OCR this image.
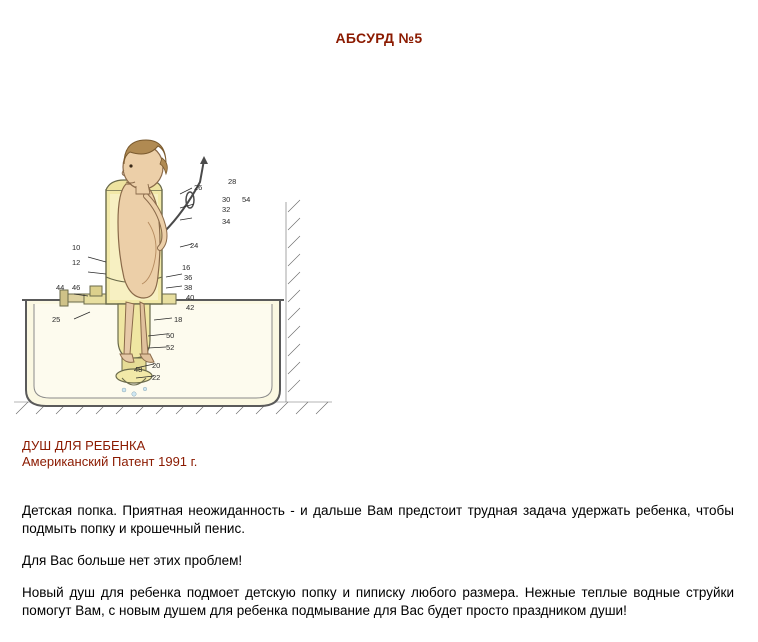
АБСУРД №5
10
12
44 46
25
26
28
30 54
32
34
24
16
36
38
40
42
18
50
52
20
22
48
ДУШ ДЛЯ РЕБЕНКА
Американский Патент 1991 г.

Детская попка. Приятная неожиданность - и дальше Вам предстоит трудная задача удержать ребенка, чтобы подмыть попку и крошечный пенис.

Для Вас больше нет этих проблем!

Новый душ для ребенка подмоет детскую попку и пиписку любого размера. Нежные теплые водные струйки помогут Вам, с новым душем для ребенка подмывание для Вас будет просто праздником души!
